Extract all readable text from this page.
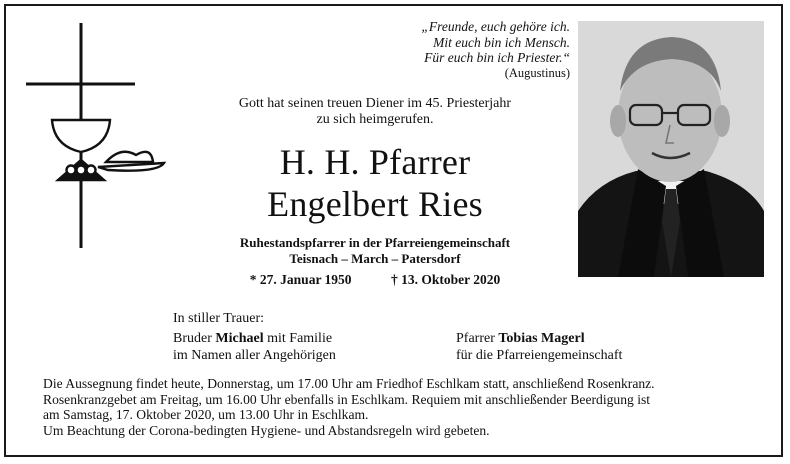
„Freunde, euch gehöre ich.
Mit euch bin ich Mensch.
Für euch bin ich Priester.“
(Augustinus)
Gott hat seinen treuen Diener im 45. Priesterjahr
zu sich heimgerufen.
H. H. Pfarrer
Engelbert Ries
Ruhestandspfarrer in der Pfarreiengemeinschaft
Teisnach – March – Patersdorf
* 27. Januar 1950	† 13. Oktober 2020
In stiller Trauer:
Bruder Michael mit Familie
im Namen aller Angehörigen
Pfarrer Tobias Magerl
für die Pfarreiengemeinschaft
Die Aussegnung findet heute, Donnerstag, um 17.00 Uhr am Friedhof Eschlkam statt, anschließend Rosenkranz.
Rosenkranzgebet am Freitag, um 16.00 Uhr ebenfalls in Eschlkam. Requiem mit anschließender Beerdigung ist
am Samstag, 17. Oktober 2020, um 13.00 Uhr in Eschlkam.
Um Beachtung der Corona-bedingten Hygiene- und Abstandsregeln wird gebeten.
